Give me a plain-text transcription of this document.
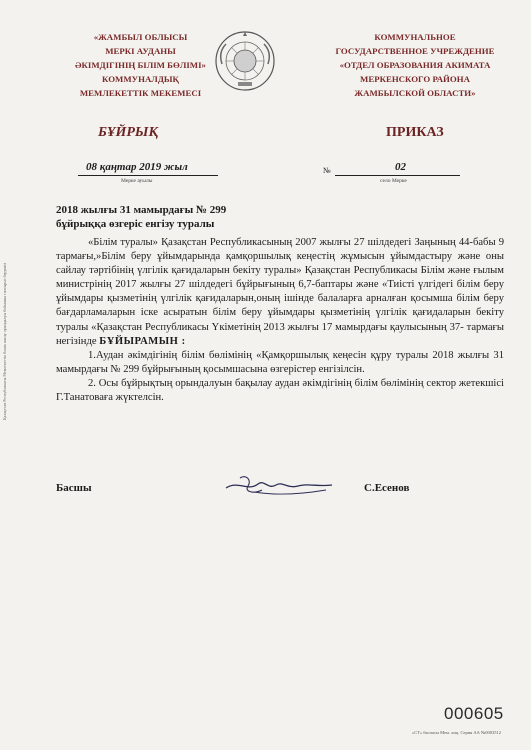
«ЖАМБЫЛ ОБЛЫСЫ
МЕРКІ АУДАНЫ
ӘКІМДІГІНІҢ БІЛІМ БӨЛІМІ»
КОММУНАЛДЫҚ
МЕМЛЕКЕТТІК МЕКЕМЕСІ
КОММУНАЛЬНОЕ
ГОСУДАРСТВЕННОЕ УЧРЕЖДЕНИЕ
«ОТДЕЛ ОБРАЗОВАНИЯ АКИМАТА
МЕРКЕНСКОГО РАЙОНА
ЖАМБЫЛСКОЙ ОБЛАСТИ»
БҰЙРЫҚ	ПРИКАЗ
08 қаңтар 2019 жыл
Мерке ауылы
№	02
село Мерке
2018 жылғы 31 мамырдағы № 299
бұйрыққа өзгеріс енгізу туралы

«Білім туралы» Қазақстан Республикасының 2007 жылғы 27 шілдедегі Заңының 44-бабы 9 тармағы,»Білім беру ұйымдарында қамқоршылық кеңестің жұмысын ұйымдастыру және оны сайлау тәртібінің үлгілік қағидаларын бекіту туралы» Қазақстан Республикасы Білім және ғылым министрінің 2017 жылғы 27 шілдедегі бұйрығының 6,7-баптары және «Тиісті үлгідегі білім беру ұйымдары қызметінің үлгілік қағидаларын,оның ішінде балаларға арналған қосымша білім беру бағдарламаларын іске асыратын білім беру ұйымдары қызметінің үлгілік қағидаларын бекіту туралы «Қазақстан Республикасы Үкіметінің 2013 жылғы 17 мамырдағы қаулысының 37- тармағы негізінде БҰЙЫРАМЫН :

1.Аудан әкімдігінің білім бөлімінің «Қамқоршылық кеңесін құру туралы 2018 жылғы 31 мамырдағы № 299 бұйрығының қосымшасына өзгерістер енгізілсін.

2. Осы бұйрықтың орындалуын бақылау аудан әкімдігінің білім бөлімінің сектор жетекшісі Г.Танатоваға жүктелсін.

Басшы	С.Есенов
Қазақстан Республикасы Мемлекеттік бланк жасау орындалуы бойынша тапсырыс берушісі
000605
«СТ» баспасы Мем. лиц. Серия АА №0003512
